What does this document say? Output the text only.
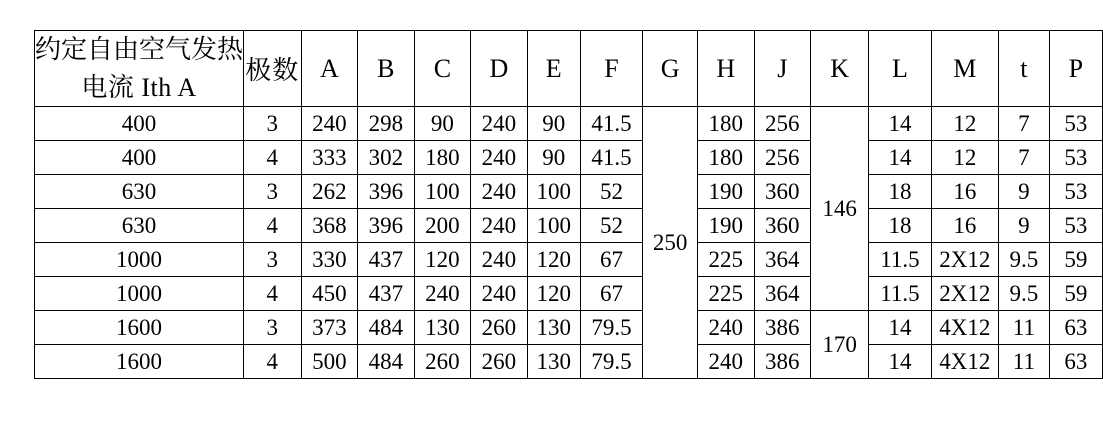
约定自由空气发热
电流 Ith A	极数	A	B	C	D	E	F	G	H	J	K	L	M	t	P
400	3	240	298	90	240	90	41.5	250	180	256	146	14	12	7	53
400	4	333	302	180	240	90	41.5		180	256		14	12	7	53
630	3	262	396	100	240	100	52		190	360		18	16	9	53
630	4	368	396	200	240	100	52		190	360		18	16	9	53
1000	3	330	437	120	240	120	67		225	364		11.5	2X12	9.5	59
1000	4	450	437	240	240	120	67		225	364		11.5	2X12	9.5	59
1600	3	373	484	130	260	130	79.5		240	386	170	14	4X12	11	63
1600	4	500	484	260	260	130	79.5		240	386		14	4X12	11	63
